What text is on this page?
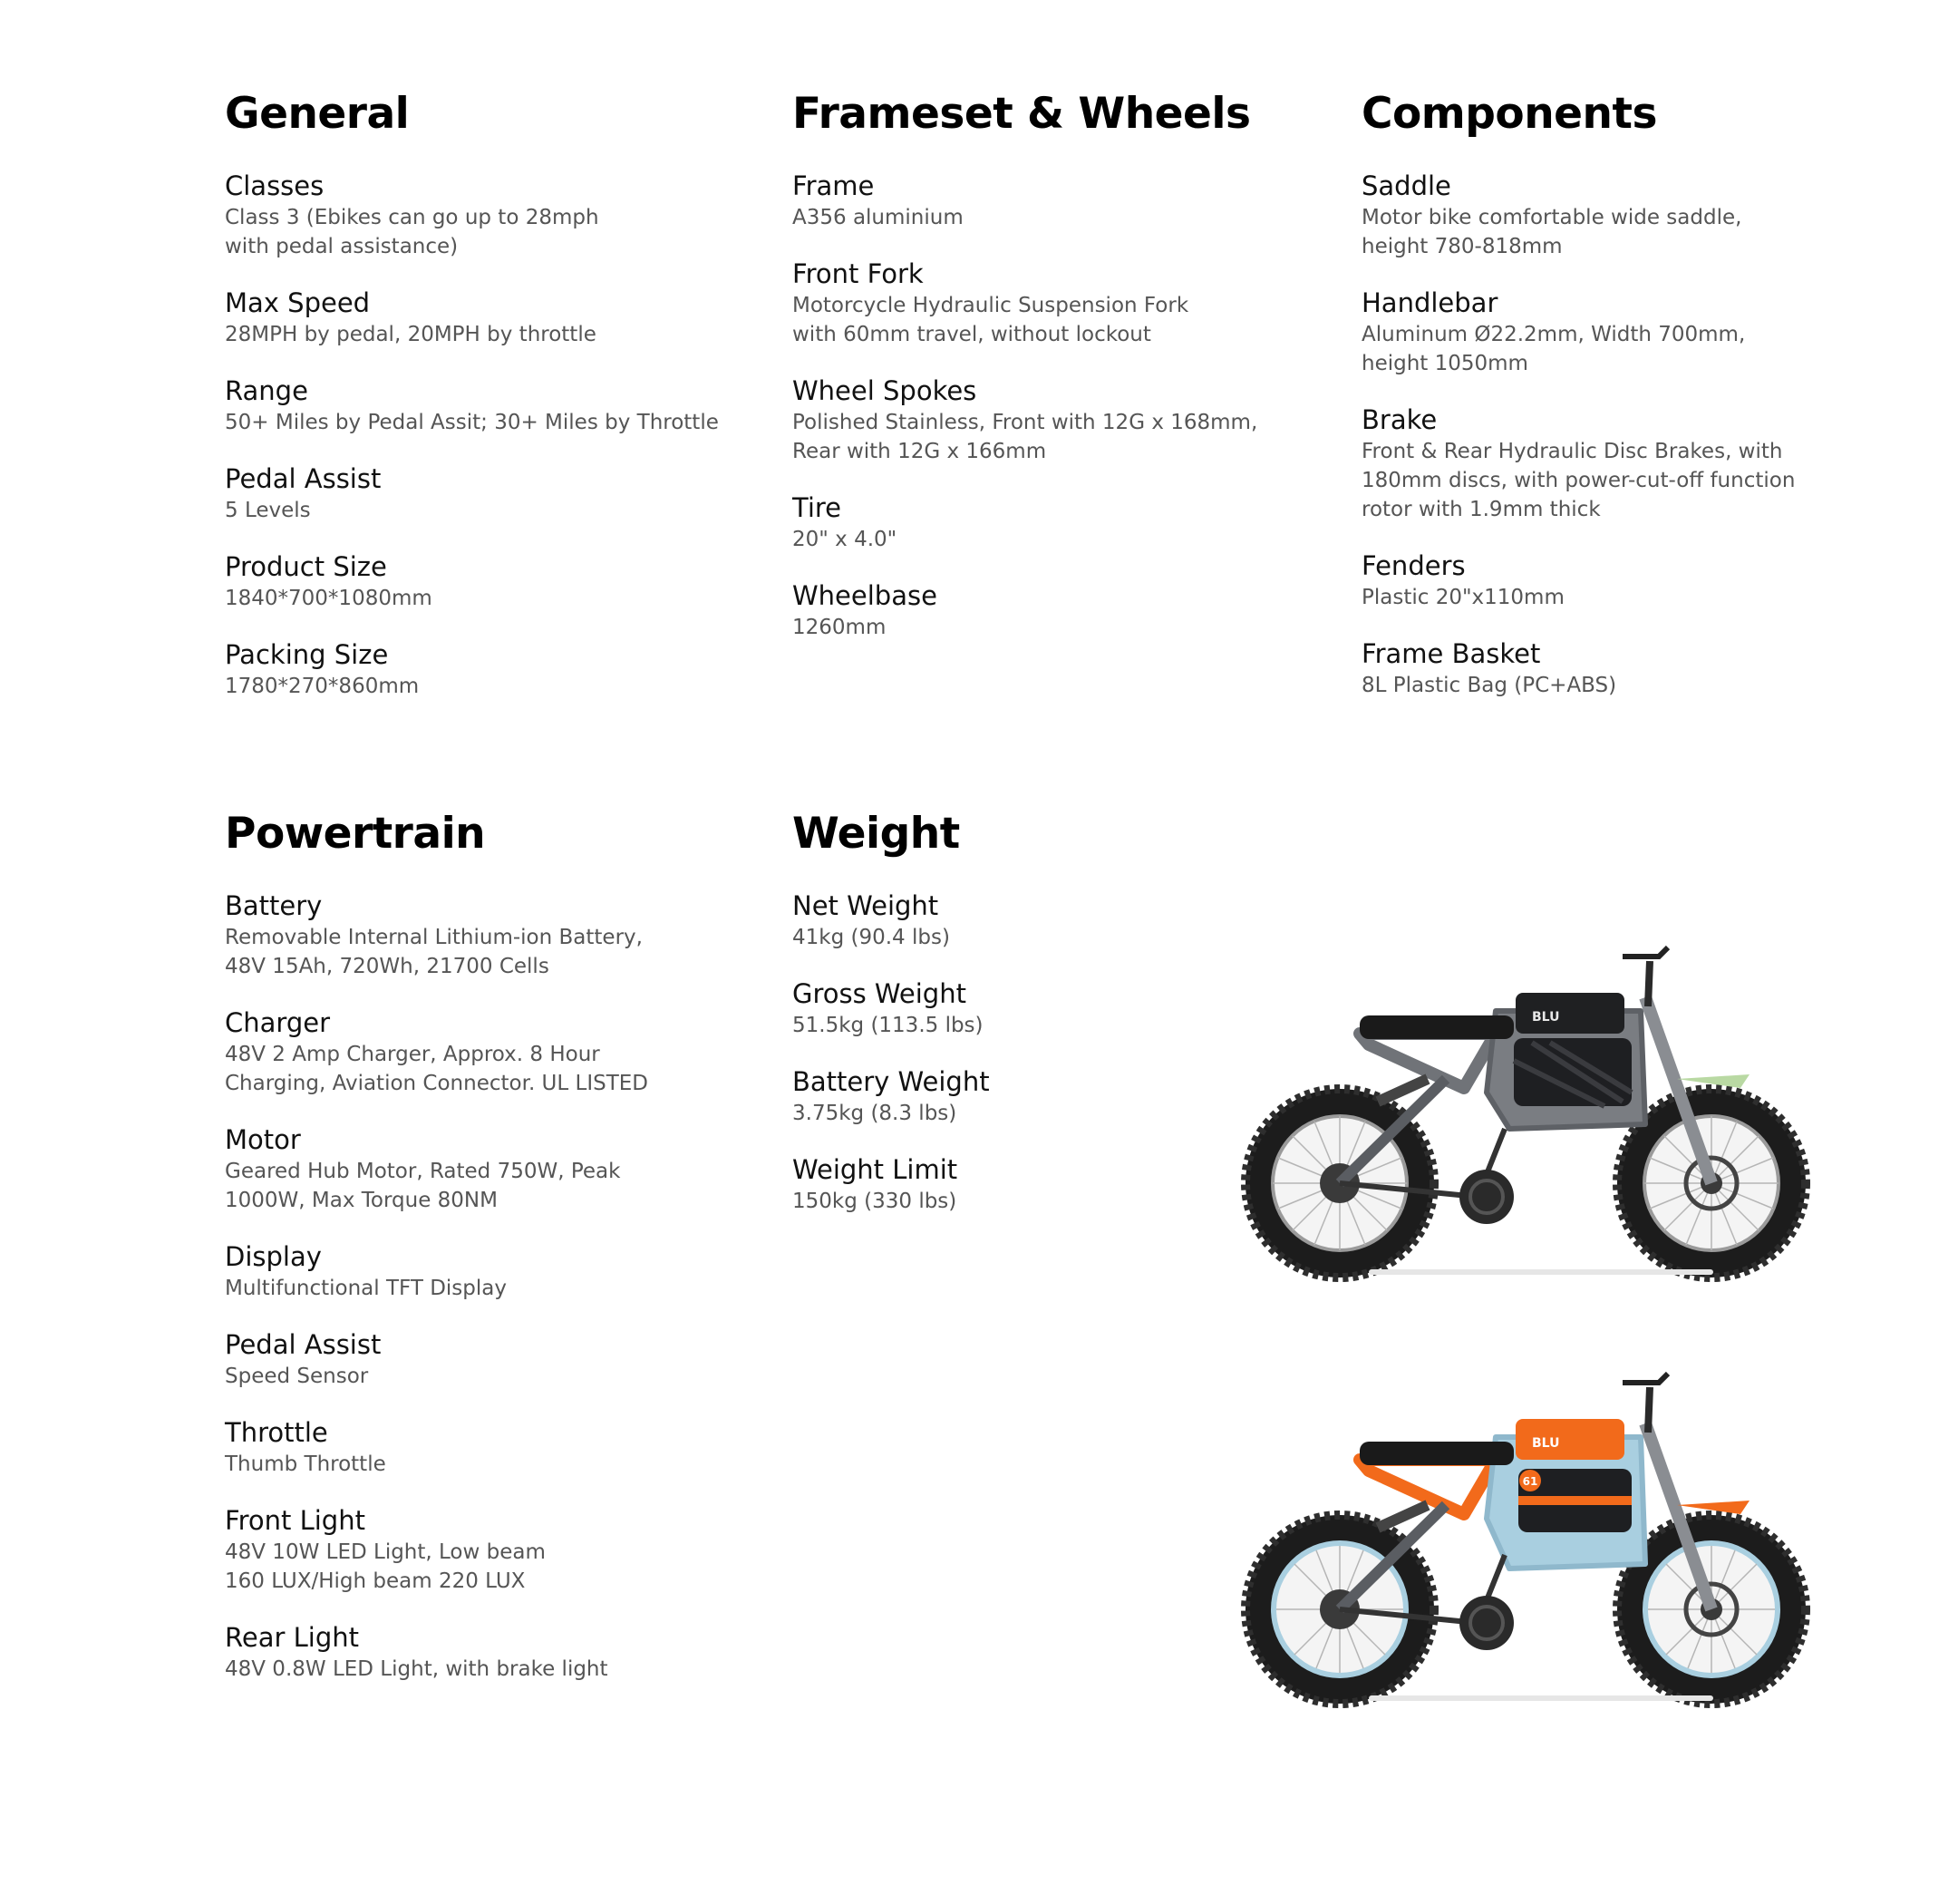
General
Classes
Class 3 (Ebikes can go up to 28mph
with pedal assistance)
Max Speed
28MPH by pedal, 20MPH by throttle
Range
50+ Miles by Pedal Assit; 30+ Miles by Throttle
Pedal Assist
5 Levels
Product Size
1840*700*1080mm
Packing Size
1780*270*860mm
Frameset & Wheels
Frame
A356 aluminium
Front Fork
Motorcycle Hydraulic Suspension Fork
with 60mm travel, without lockout
Wheel Spokes
Polished Stainless, Front with 12G x 168mm,
Rear with 12G x 166mm
Tire
20" x 4.0"
Wheelbase
1260mm
Components
Saddle
Motor bike comfortable wide saddle,
height 780-818mm
Handlebar
Aluminum Ø22.2mm, Width 700mm,
height 1050mm
Brake
Front & Rear Hydraulic Disc Brakes, with
180mm discs, with power-cut-off function
rotor with 1.9mm thick
Fenders
Plastic 20"x110mm
Frame Basket
8L Plastic Bag (PC+ABS)
Powertrain
Battery
Removable Internal Lithium-ion Battery,
48V 15Ah, 720Wh, 21700 Cells
Charger
48V 2 Amp Charger, Approx. 8 Hour
Charging, Aviation Connector. UL LISTED
Motor
Geared Hub Motor, Rated 750W, Peak
1000W, Max Torque 80NM
Display
Multifunctional TFT Display
Pedal Assist
Speed Sensor
Throttle
Thumb Throttle
Front Light
48V 10W LED Light, Low beam
160 LUX/High beam 220 LUX
Rear Light
48V 0.8W LED Light, with brake light
Weight
Net Weight
41kg (90.4 lbs)
Gross Weight
51.5kg (113.5 lbs)
Battery Weight
3.75kg (8.3 lbs)
Weight Limit
150kg (330 lbs)
BLU
61
BLU
